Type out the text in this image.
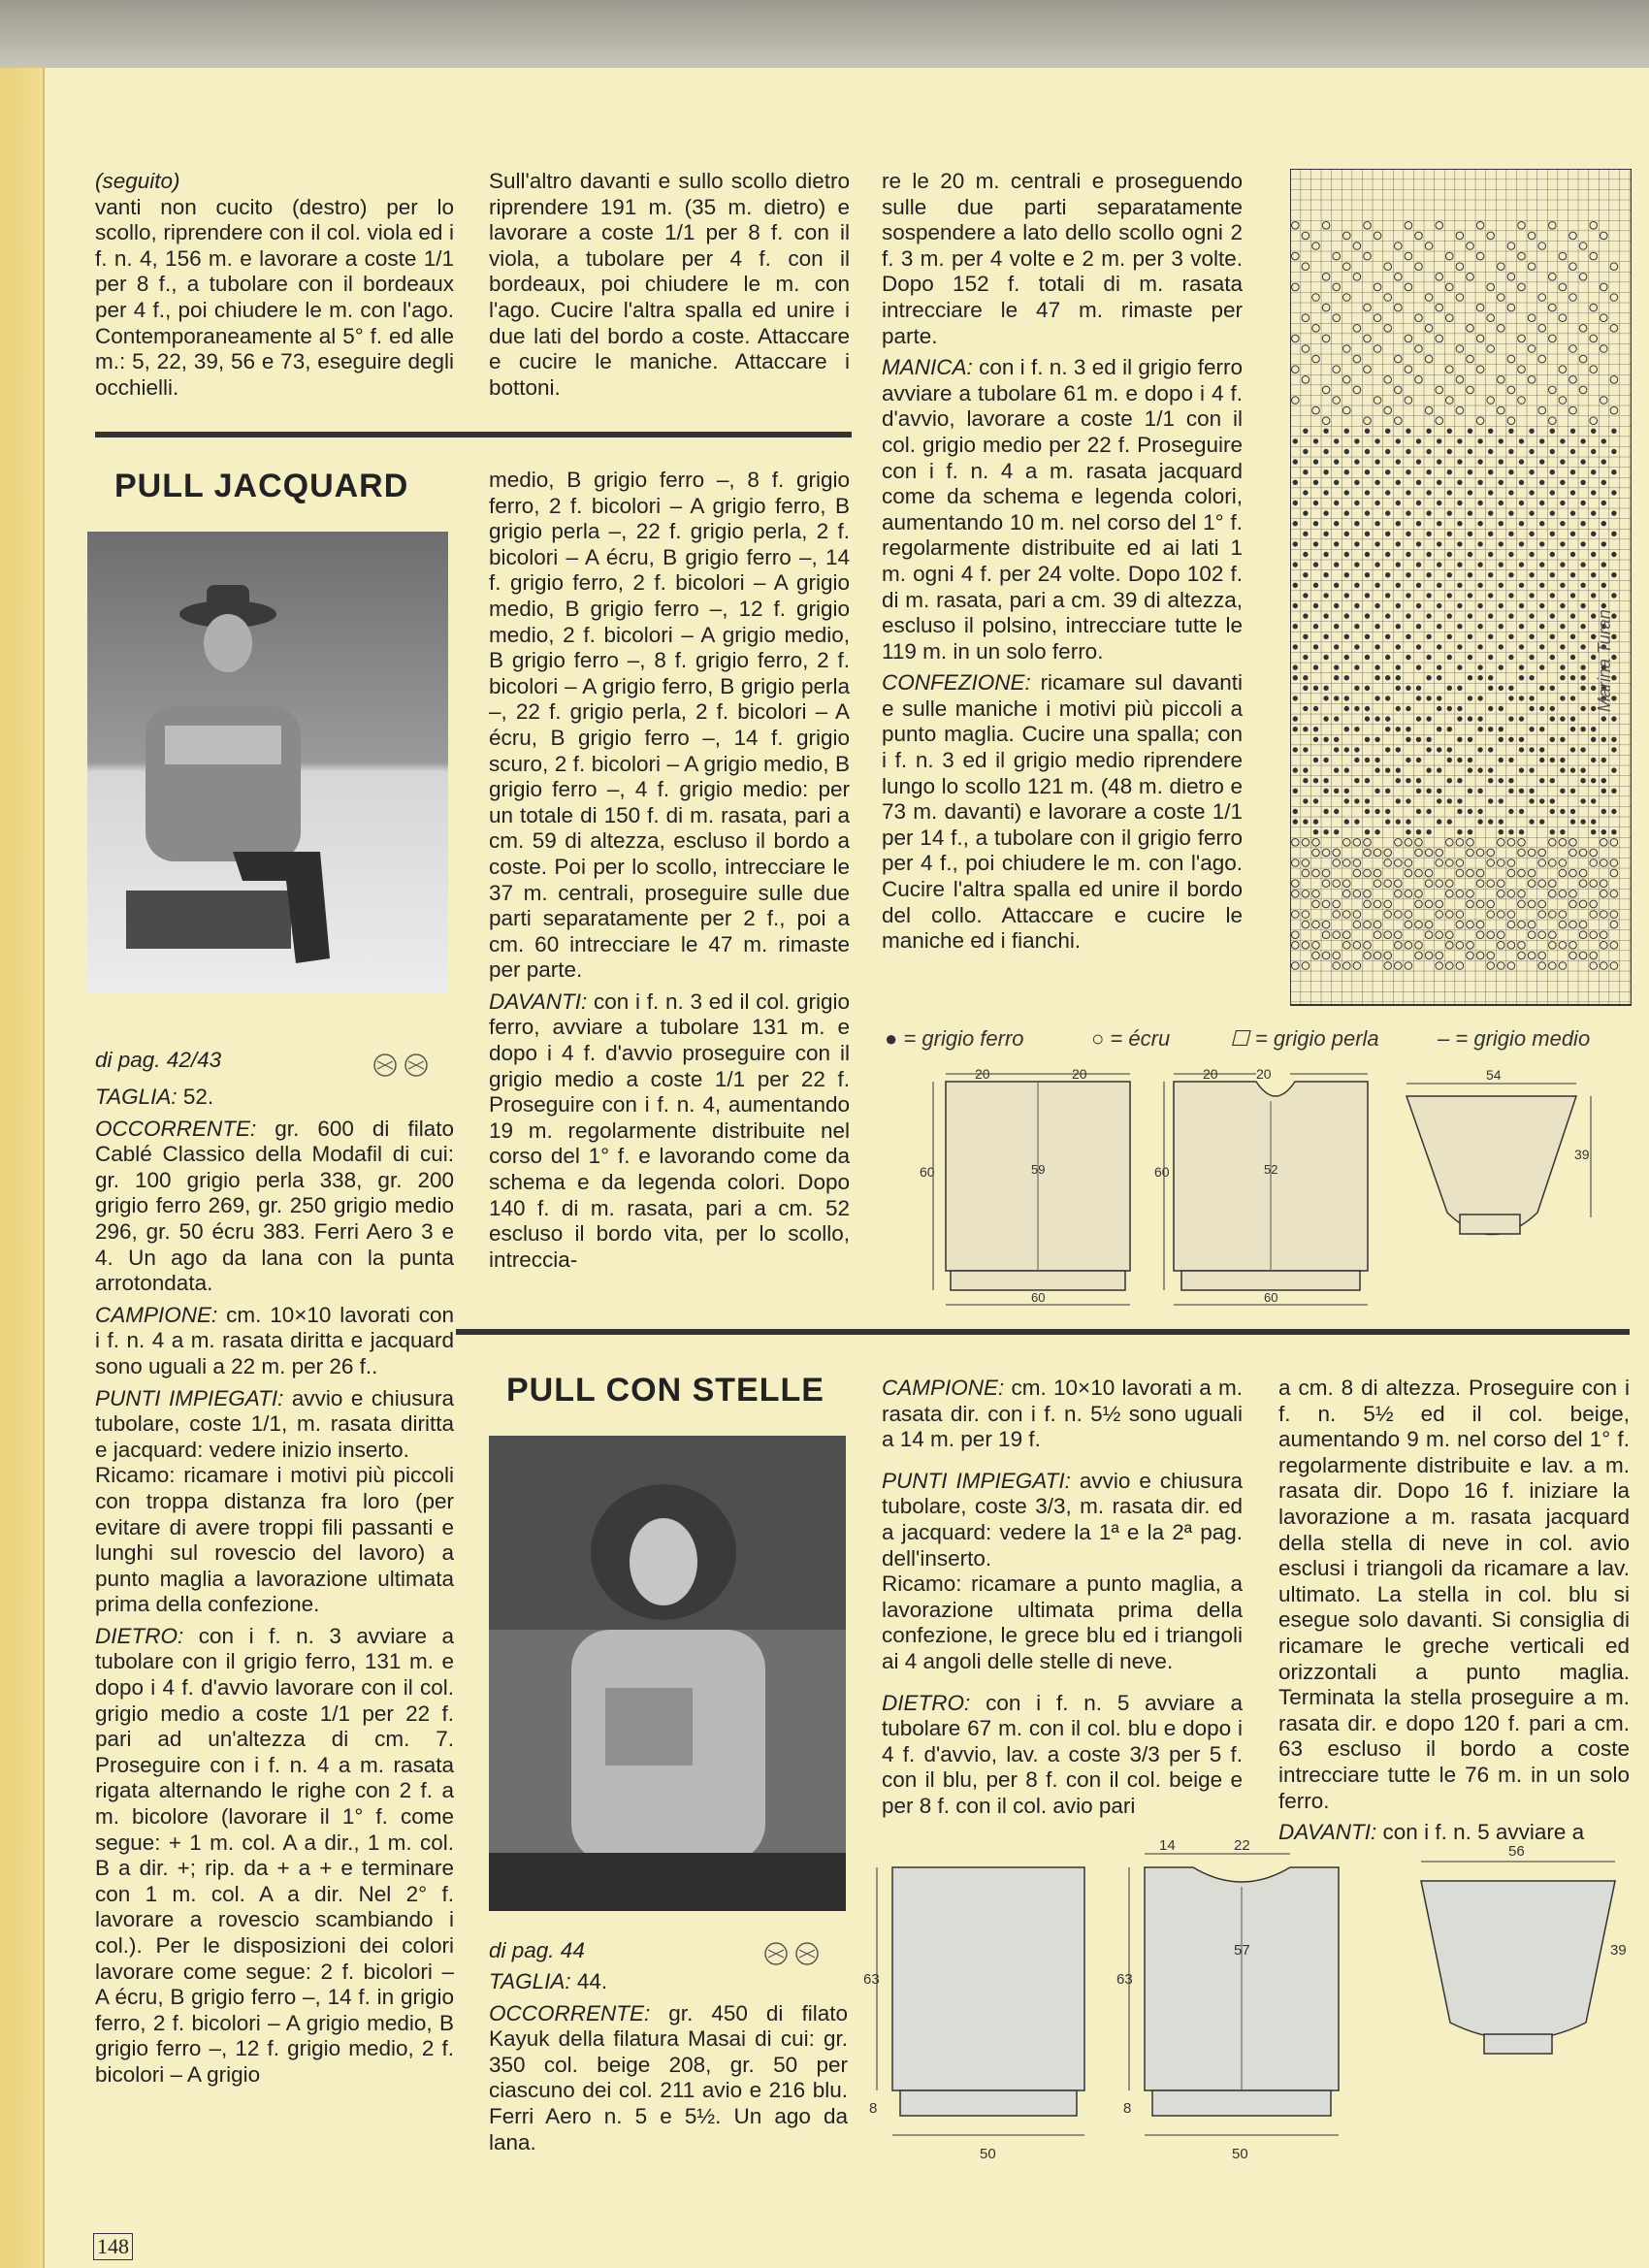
(seguito)
vanti non cucito (destro) per lo scollo, riprendere con il col. viola ed i f. n. 4, 156 m. e lavorare a coste 1/1 per 8 f., a tubolare con il bordeaux per 4 f., poi chiudere le m. con l'ago. Contemporaneamente al 5° f. ed alle m.: 5, 22, 39, 56 e 73, eseguire degli occhielli.
Sull'altro davanti e sullo scollo dietro riprendere 191 m. (35 m. dietro) e lavorare a coste 1/1 per 8 f. con il viola, a tubolare per 4 f. con il bordeaux, poi chiudere le m. con l'ago. Cucire l'altra spalla ed unire i due lati del bordo a coste. Attaccare e cucire le maniche. Attaccare i bottoni.
PULL JACQUARD
di pag. 42/43

TAGLIA: 52.

OCCORRENTE: gr. 600 di filato Cablé Classico della Modafil di cui: gr. 100 grigio perla 338, gr. 200 grigio ferro 269, gr. 250 grigio medio 296, gr. 50 écru 383. Ferri Aero 3 e 4. Un ago da lana con la punta arrotondata.

CAMPIONE: cm. 10×10 lavorati con i f. n. 4 a m. rasata diritta e jacquard sono uguali a 22 m. per 26 f..

PUNTI IMPIEGATI: avvio e chiusura tubolare, coste 1/1, m. rasata diritta e jacquard: vedere inizio inserto.

Ricamo: ricamare i motivi più piccoli con troppa distanza fra loro (per evitare di avere troppi fili passanti e lunghi sul rovescio del lavoro) a punto maglia a lavorazione ultimata prima della confezione.

DIETRO: con i f. n. 3 avviare a tubolare con il grigio ferro, 131 m. e dopo i 4 f. d'avvio lavorare con il col. grigio medio a coste 1/1 per 22 f. pari ad un'altezza di cm. 7. Proseguire con i f. n. 4 a m. rasata rigata alternando le righe con 2 f. a m. bicolore (lavorare il 1° f. come segue: + 1 m. col. A a dir., 1 m. col. B a dir. +; rip. da + a + e terminare con 1 m. col. A a dir. Nel 2° f. lavorare a rovescio scambiando i col.). Per le disposizioni dei colori lavorare come segue: 2 f. bicolori – A écru, B grigio ferro –, 14 f. in grigio ferro, 2 f. bicolori – A grigio medio, B grigio ferro –, 12 f. grigio medio, 2 f. bicolori – A grigio

medio, B grigio ferro –, 8 f. grigio ferro, 2 f. bicolori – A grigio ferro, B grigio perla –, 22 f. grigio perla, 2 f. bicolori – A écru, B grigio ferro –, 14 f. grigio ferro, 2 f. bicolori – A grigio medio, B grigio ferro –, 12 f. grigio medio, 2 f. bicolori – A grigio medio, B grigio ferro –, 8 f. grigio ferro, 2 f. bicolori – A grigio ferro, B grigio perla –, 22 f. grigio perla, 2 f. bicolori – A écru, B grigio ferro –, 14 f. grigio scuro, 2 f. bicolori – A grigio medio, B grigio ferro –, 4 f. grigio medio: per un totale di 150 f. di m. rasata, pari a cm. 59 di altezza, escluso il bordo a coste. Poi per lo scollo, intrecciare le 37 m. centrali, proseguire sulle due parti separatamente per 2 f., poi a cm. 60 intrecciare le 47 m. rimaste per parte.

DAVANTI: con i f. n. 3 ed il col. grigio ferro, avviare a tubolare 131 m. e dopo i 4 f. d'avvio proseguire con il grigio medio a coste 1/1 per 22 f. Proseguire con i f. n. 4, aumentando 19 m. regolarmente distribuite nel corso del 1° f. e lavorando come da schema e da legenda colori. Dopo 140 f. di m. rasata, pari a cm. 52 escluso il bordo vita, per lo scollo, intreccia-

re le 20 m. centrali e proseguendo sulle due parti separatamente sospendere a lato dello scollo ogni 2 f. 3 m. per 4 volte e 2 m. per 3 volte. Dopo 152 f. totali di m. rasata intrecciare le 47 m. rimaste per parte.

MANICA: con i f. n. 3 ed il grigio ferro avviare a tubolare 61 m. e dopo i 4 f. d'avvio, lavorare a coste 1/1 con il col. grigio medio per 22 f. Proseguire con i f. n. 4 a m. rasata jacquard come da schema e legenda colori, aumentando 10 m. nel corso del 1° f. regolarmente distribuite ed ai lati 1 m. ogni 4 f. per 24 volte. Dopo 102 f. di m. rasata, pari a cm. 39 di altezza, escluso il polsino, intrecciare tutte le 119 m. in un solo ferro.

CONFEZIONE: ricamare sul davanti e sulle maniche i motivi più piccoli a punto maglia. Cucire una spalla; con i f. n. 3 ed il grigio medio riprendere lungo lo scollo 121 m. (48 m. dietro e 73 m. davanti) e lavorare a coste 1/1 per 14 f., a tubolare con il grigio ferro per 4 f., poi chiudere le m. con l'ago. Cucire l'altra spalla ed unire il bordo del collo. Attaccare e cucire le maniche ed i fianchi.

Marina Turan
● = grigio ferro	○ = écru	☐ = grigio perla	– = grigio medio
20	20
60	59
60
20	20
60	52
60
54
39
PULL CON STELLE
di pag. 44

TAGLIA: 44.

OCCORRENTE: gr. 450 di filato Kayuk della filatura Masai di cui: gr. 350 col. beige 208, gr. 50 per ciascuno dei col. 211 avio e 216 blu. Ferri Aero n. 5 e 5½. Un ago da lana.

CAMPIONE: cm. 10×10 lavorati a m. rasata dir. con i f. n. 5½ sono uguali a 14 m. per 19 f.

PUNTI IMPIEGATI: avvio e chiusura tubolare, coste 3/3, m. rasata dir. ed a jacquard: vedere la 1ª e la 2ª pag. dell'inserto.

Ricamo: ricamare a punto maglia, a lavorazione ultimata prima della confezione, le grece blu ed i triangoli ai 4 angoli delle stelle di neve.

DIETRO: con i f. n. 5 avviare a tubolare 67 m. con il col. blu e dopo i 4 f. d'avvio, lav. a coste 3/3 per 5 f. con il blu, per 8 f. con il col. beige e per 8 f. con il col. avio pari

a cm. 8 di altezza. Proseguire con i f. n. 5½ ed il col. beige, aumentando 9 m. nel corso del 1° f. regolarmente distribuite e lav. a m. rasata dir. Dopo 16 f. iniziare la lavorazione a m. rasata jacquard della stella di neve in col. avio esclusi i triangoli da ricamare a lav. ultimato. La stella in col. blu si esegue solo davanti. Si consiglia di ricamare le greche verticali ed orizzontali a punto maglia. Terminata la stella proseguire a m. rasata dir. e dopo 120 f. pari a cm. 63 escluso il bordo a coste intrecciare tutte le 76 m. in un solo ferro.

DAVANTI: con i f. n. 5 avviare a

63
8
50
14	22
63
57
8
50
56
39
148
